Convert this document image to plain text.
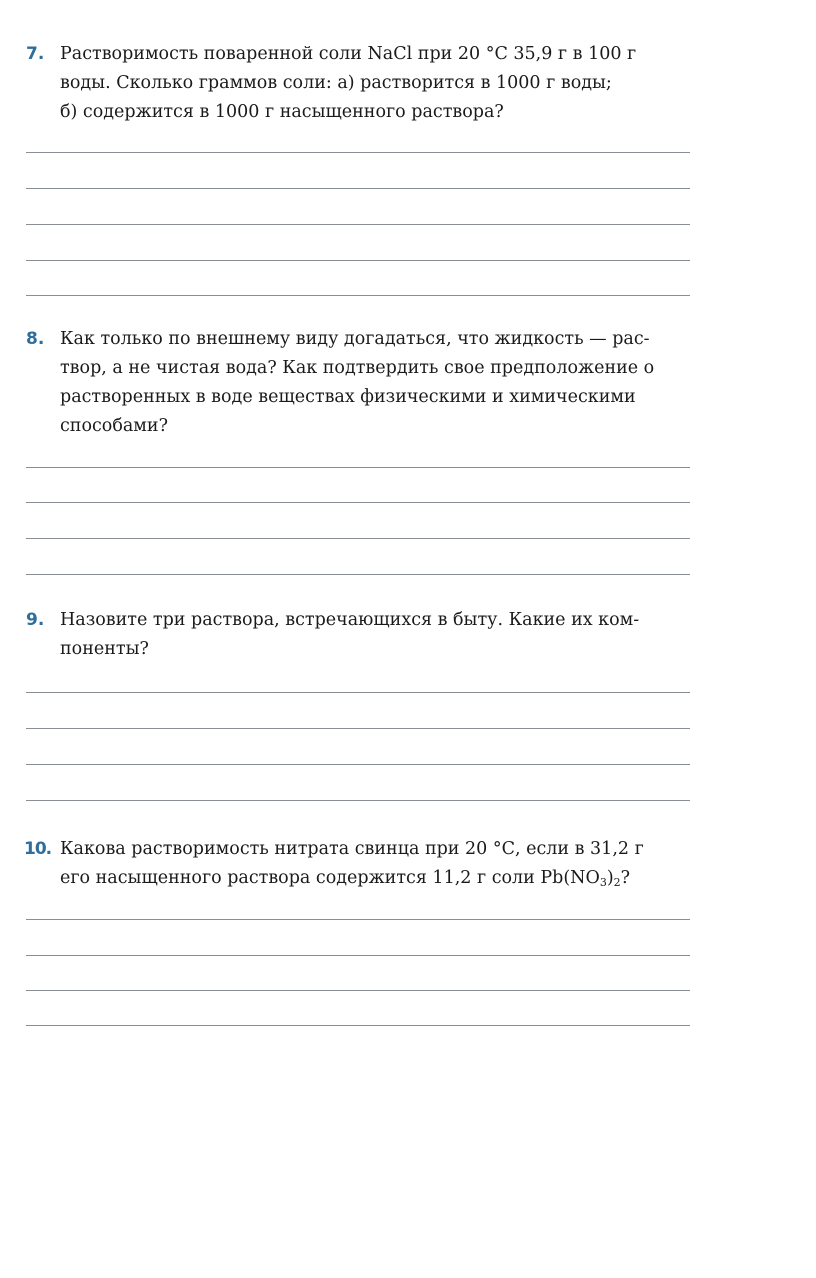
7. Растворимость поваренной соли NaCl при 20 °С 35,9 г в 100 г
воды. Сколько граммов соли: а) растворится в 1000 г воды;
б) содержится в 1000 г насыщенного раствора?

8. Как только по внешнему виду догадаться, что жидкость — рас-
твор, а не чистая вода? Как подтвердить свое предположение о
растворенных в воде веществах физическими и химическими
способами?

9. Назовите три раствора, встречающихся в быту. Какие их ком-
поненты?

10. Какова растворимость нитрата свинца при 20 °С, если в 31,2 г
его насыщенного раствора содержится 11,2 г соли $Pb(NO_3)_2$?
